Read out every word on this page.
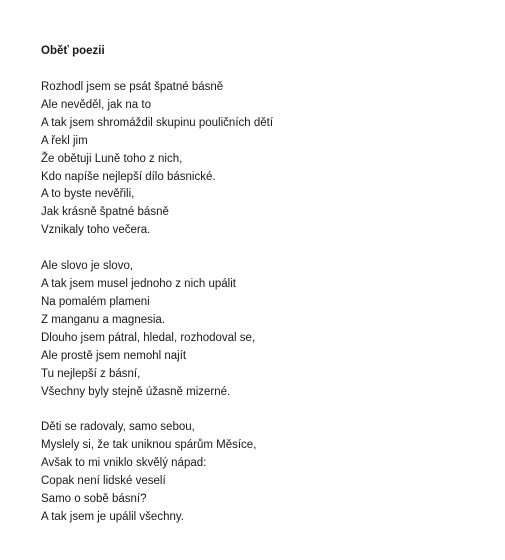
Oběť poezii
Rozhodl jsem se psát špatné básně
Ale nevěděl, jak na to
A tak jsem shromáždil skupinu pouličních dětí
A řekl jim
Že obětuji Luně toho z nich,
Kdo napíše nejlepší dílo básnické.
A to byste nevěřili,
Jak krásně špatné básně
Vznikaly toho večera.
Ale slovo je slovo,
A tak jsem musel jednoho z nich upálit
Na pomalém plameni
Z manganu a magnesia.
Dlouho jsem pátral, hledal, rozhodoval se,
Ale prostě jsem nemohl najít
Tu nejlepší z básní,
Všechny byly stejně úžasně mizerné.
Děti se radovaly, samo sebou,
Myslely si, že tak uniknou spárům Měsíce,
Avšak to mi vniklo skvělý nápad:
Copak není lidské veselí
Samo o sobě básní?
A tak jsem je upálil všechny.
